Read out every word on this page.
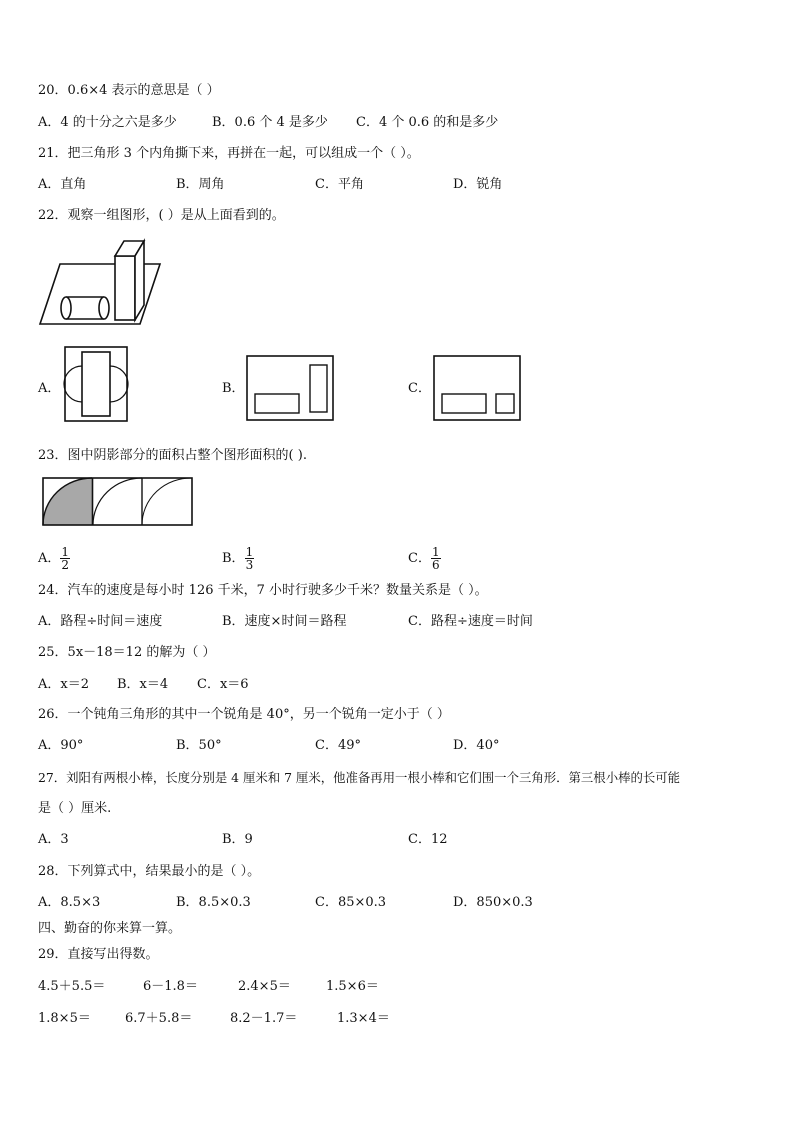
20．0.6×4 表示的意思是（ ）
A．4 的十分之六是多少	B．0.6 个 4 是多少 C．4 个 0.6 的和是多少
21．把三角形 3 个内角撕下来，再拼在一起，可以组成一个（ ）。
A．直角	B．周角	C．平角	D．锐角
22．观察一组图形，( ）是从上面看到的。
A．	B．	C．
23．图中阴影部分的面积占整个图形面积的( ).
A． $\frac{1}{2}$	B． $\frac{1}{3}$	C． $\frac{1}{6}$
24．汽车的速度是每小时 126 千米，7 小时行驶多少千米？数量关系是（ ）。
A．路程÷时间＝速度	B．速度×时间＝路程	C．路程÷速度＝时间
25．5x－18＝12 的解为（ ）
A．x＝2 B．x＝4 C．x＝6
26．一个钝角三角形的其中一个锐角是 40°，另一个锐角一定小于（ ）
A．90°	B．50°	C．49°	D．40°
27．刘阳有两根小棒，长度分别是 4 厘米和 7 厘米，他准备再用一根小棒和它们围一个三角形．第三根小棒的长可能
是（ ）厘米.
A．3	B．9	C．12
28．下列算式中，结果最小的是（ ）。
A．8.5×3	B．8.5×0.3	C．85×0.3	D．850×0.3
四、勤奋的你来算一算。
29．直接写出得数。
4.5＋5.5＝	6－1.8＝	2.4×5＝	1.5×6＝
1.8×5＝	6.7＋5.8＝	8.2－1.7＝	1.3×4＝
